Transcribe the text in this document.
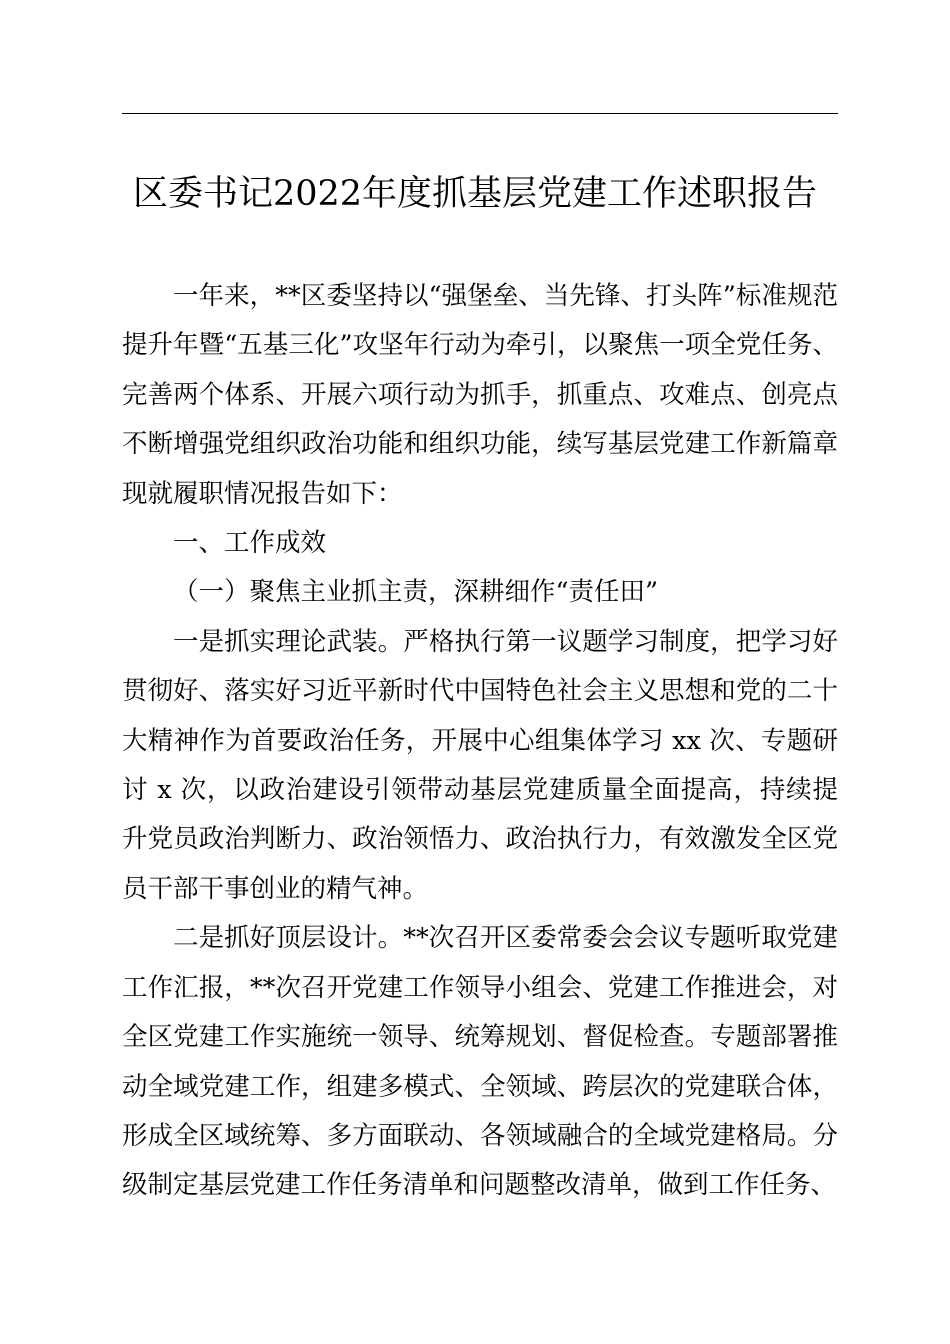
区委书记2022年度抓基层党建工作述职报告

一年来，**区委坚持以“强堡垒、当先锋、打头阵”标准规范提升年暨“五基三化”攻坚年行动为牵引，以聚焦一项全党任务、完善两个体系、开展六项行动为抓手，抓重点、攻难点、创亮点不断增强党组织政治功能和组织功能，续写基层党建工作新篇章现就履职情况报告如下：

一、工作成效

（一）聚焦主业抓主责，深耕细作“责任田”

一是抓实理论武装。严格执行第一议题学习制度，把学习好贯彻好、落实好习近平新时代中国特色社会主义思想和党的二十大精神作为首要政治任务，开展中心组集体学习 xx 次、专题研讨 x 次，以政治建设引领带动基层党建质量全面提高，持续提升党员政治判断力、政治领悟力、政治执行力，有效激发全区党员干部干事创业的精气神。

二是抓好顶层设计。**次召开区委常委会会议专题听取党建工作汇报，**次召开党建工作领导小组会、党建工作推进会，对全区党建工作实施统一领导、统筹规划、督促检查。专题部署推动全域党建工作，组建多模式、全领域、跨层次的党建联合体，形成全区域统筹、多方面联动、各领域融合的全域党建格局。分级制定基层党建工作任务清单和问题整改清单，做到工作任务、
